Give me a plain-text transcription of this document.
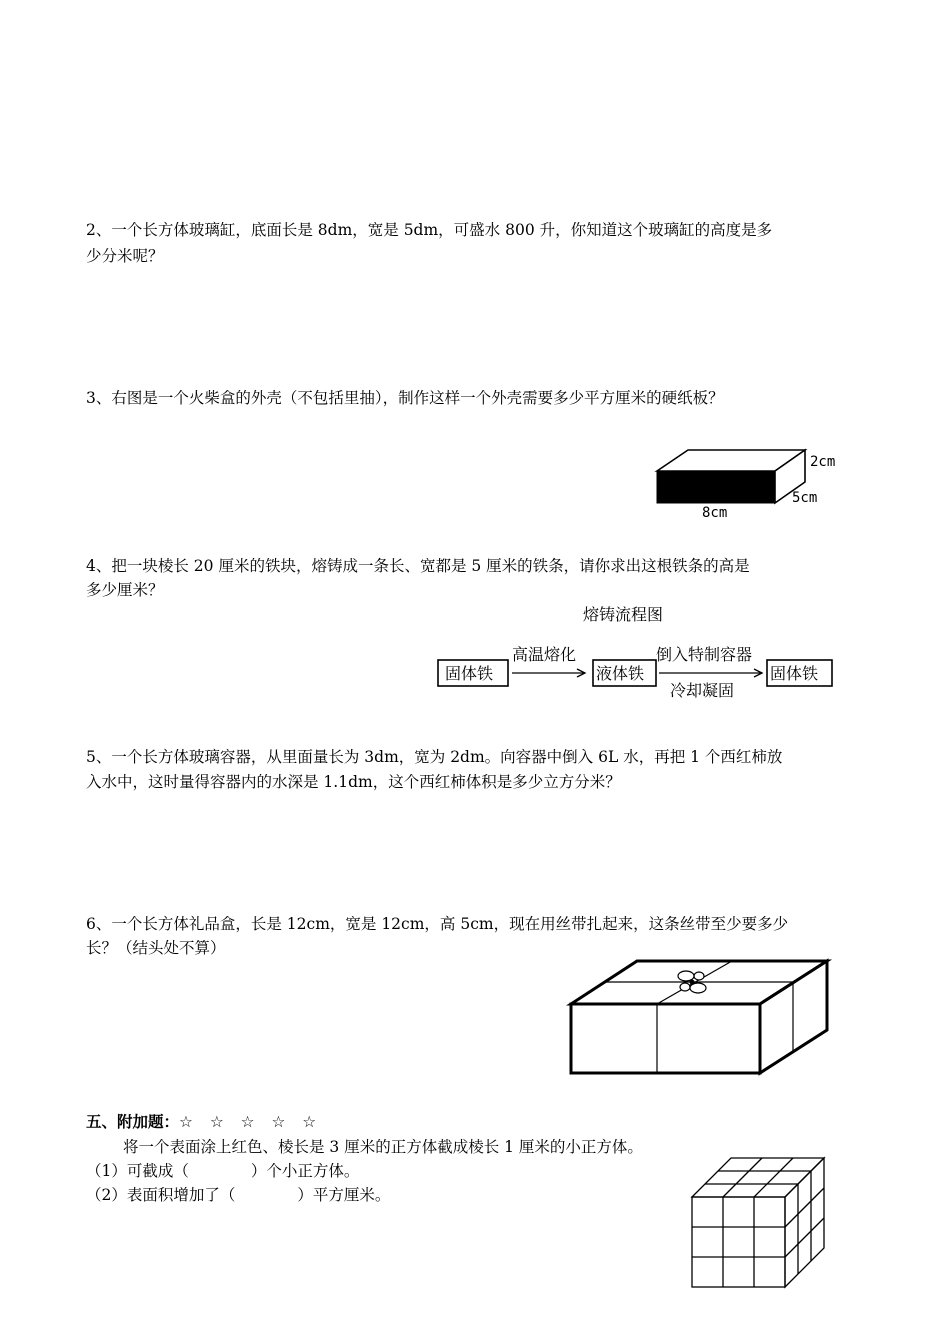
2、一个长方体玻璃缸，底面长是 8dm，宽是 5dm，可盛水 800 升，你知道这个玻璃缸的高度是多
少分米呢？
3、右图是一个火柴盒的外壳（不包括里抽），制作这样一个外壳需要多少平方厘米的硬纸板？
2cm
5cm
8cm
4、把一块棱长 20 厘米的铁块，熔铸成一条长、宽都是 5 厘米的铁条，请你求出这根铁条的高是
多少厘米？
熔铸流程图
固体铁
高温熔化
液体铁
倒入特制容器
冷却凝固
固体铁
5、一个长方体玻璃容器，从里面量长为 3dm，宽为 2dm。向容器中倒入 6L 水，再把 1 个西红柿放
入水中，这时量得容器内的水深是 1.1dm，这个西红柿体积是多少立方分米？
6、一个长方体礼品盒，长是 12cm，宽是 12cm，高 5cm，现在用丝带扎起来，这条丝带至少要多少
长？（结头处不算）
五、附加题：☆ ☆ ☆ ☆ ☆
将一个表面涂上红色、棱长是 3 厘米的正方体截成棱长 1 厘米的小正方体。
（1）可截成（　　　　）个小正方体。
（2）表面积增加了（　　　　）平方厘米。
